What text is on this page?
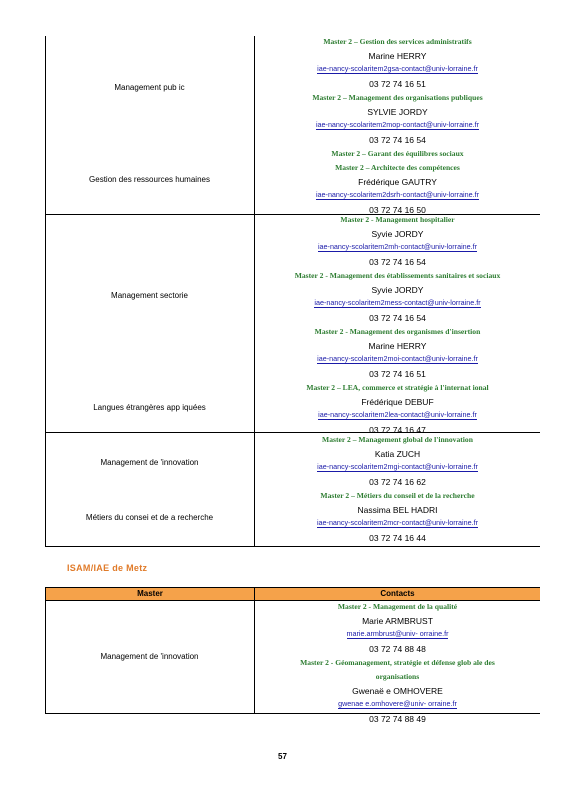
Management pub ic
Gestion des ressources humaines
Management sectorie
Langues étrangères app iquées
Management de 'innovation
Métiers du consei et de a recherche
Master 2 – Gestion des services administratifs
Marine HERRY
iae-nancy-scolaritem2gsa-contact@univ-lorraine.fr
03 72 74 16 51
Master 2 – Management des organisations publiques
SYLVIE JORDY
iae-nancy-scolaritem2mop-contact@univ-lorraine.fr
03 72 74 16 54
Master 2 – Garant des équilibres sociaux
Master 2 – Architecte des compétences
Frédérique GAUTRY
iae-nancy-scolaritem2dsrh-contact@univ-lorraine.fr
03 72 74 16 50
Master 2 - Management hospitalier
Syvie JORDY
iae-nancy-scolaritem2mh-contact@univ-lorraine.fr
03 72 74 16 54
Master 2 - Management des établissements sanitaires et sociaux
Syvie JORDY
iae-nancy-scolaritem2mess-contact@univ-lorraine.fr
03 72 74 16 54
Master 2 - Management des organismes d'insertion
Marine HERRY
iae-nancy-scolaritem2moi-contact@univ-lorraine.fr
03 72 74 16 51
Master 2 – LEA, commerce et stratégie à l'internat ional
Frédérique DEBUF
iae-nancy-scolaritem2lea-contact@univ-lorraine.fr
03 72 74 16 47
Master 2 – Management global de l'innovation
Katia ZUCH
iae-nancy-scolaritem2mgi-contact@univ-lorraine.fr
03 72 74 16 62
Master 2 – Métiers du conseil et de la recherche
Nassima BEL HADRI
iae-nancy-scolaritem2mcr-contact@univ-lorraine.fr
03 72 74 16 44
ISAM/IAE de Metz
Master	Contacts
Management de 'innovation
Master 2 - Management de la qualité
Marie ARMBRUST
marie.armbrust@univ- orraine.fr
03 72 74 88 48
Master 2 - Géomanagement, stratégie et défense glob ale des
organisations
Gwenaë e OMHOVERE
gwenae e.omhovere@univ- orraine.fr
03 72 74 88 49
57
